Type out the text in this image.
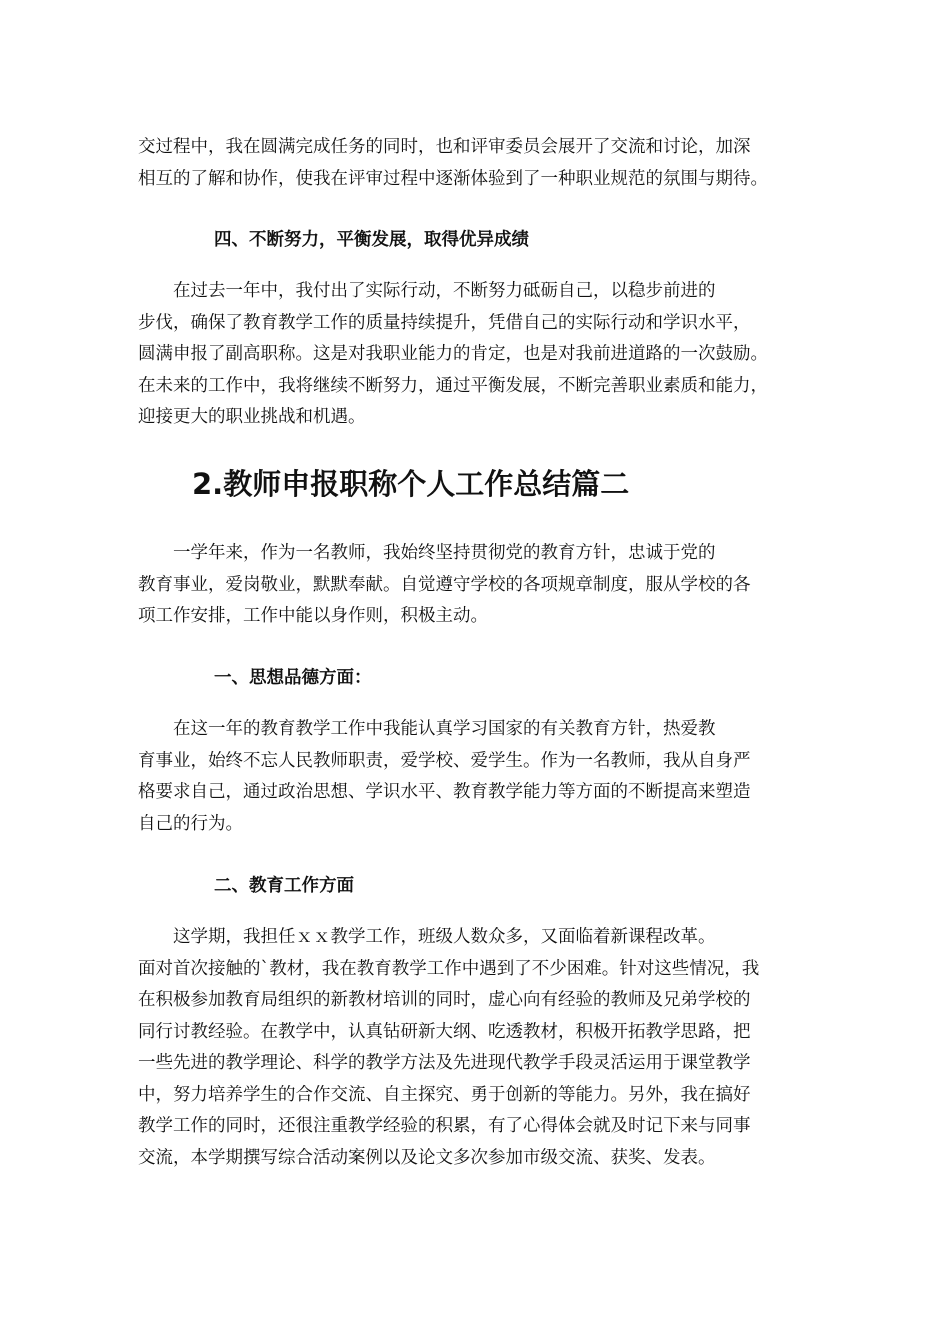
交过程中，我在圆满完成任务的同时，也和评审委员会展开了交流和讨论，加深
相互的了解和协作，使我在评审过程中逐渐体验到了一种职业规范的氛围与期待。
四、不断努力，平衡发展，取得优异成绩
　　在过去一年中，我付出了实际行动，不断努力砥砺自己，以稳步前进的
步伐，确保了教育教学工作的质量持续提升，凭借自己的实际行动和学识水平，
圆满申报了副高职称。这是对我职业能力的肯定，也是对我前进道路的一次鼓励。
在未来的工作中，我将继续不断努力，通过平衡发展，不断完善职业素质和能力，
迎接更大的职业挑战和机遇。
2.教师申报职称个人工作总结篇二
　　一学年来，作为一名教师，我始终坚持贯彻党的教育方针，忠诚于党的
教育事业，爱岗敬业，默默奉献。自觉遵守学校的各项规章制度，服从学校的各
项工作安排，工作中能以身作则，积极主动。
一、思想品德方面：
　　在这一年的教育教学工作中我能认真学习国家的有关教育方针，热爱教
育事业，始终不忘人民教师职责，爱学校、爱学生。作为一名教师，我从自身严
格要求自己，通过政治思想、学识水平、教育教学能力等方面的不断提高来塑造
自己的行为。
二、教育工作方面
　　这学期，我担任ｘｘ教学工作，班级人数众多，又面临着新课程改革。
面对首次接触的`教材，我在教育教学工作中遇到了不少困难。针对这些情况，我
在积极参加教育局组织的新教材培训的同时，虚心向有经验的教师及兄弟学校的
同行讨教经验。在教学中，认真钻研新大纲、吃透教材，积极开拓教学思路，把
一些先进的教学理论、科学的教学方法及先进现代教学手段灵活运用于课堂教学
中，努力培养学生的合作交流、自主探究、勇于创新的等能力。另外，我在搞好
教学工作的同时，还很注重教学经验的积累，有了心得体会就及时记下来与同事
交流，本学期撰写综合活动案例以及论文多次参加市级交流、获奖、发表。
